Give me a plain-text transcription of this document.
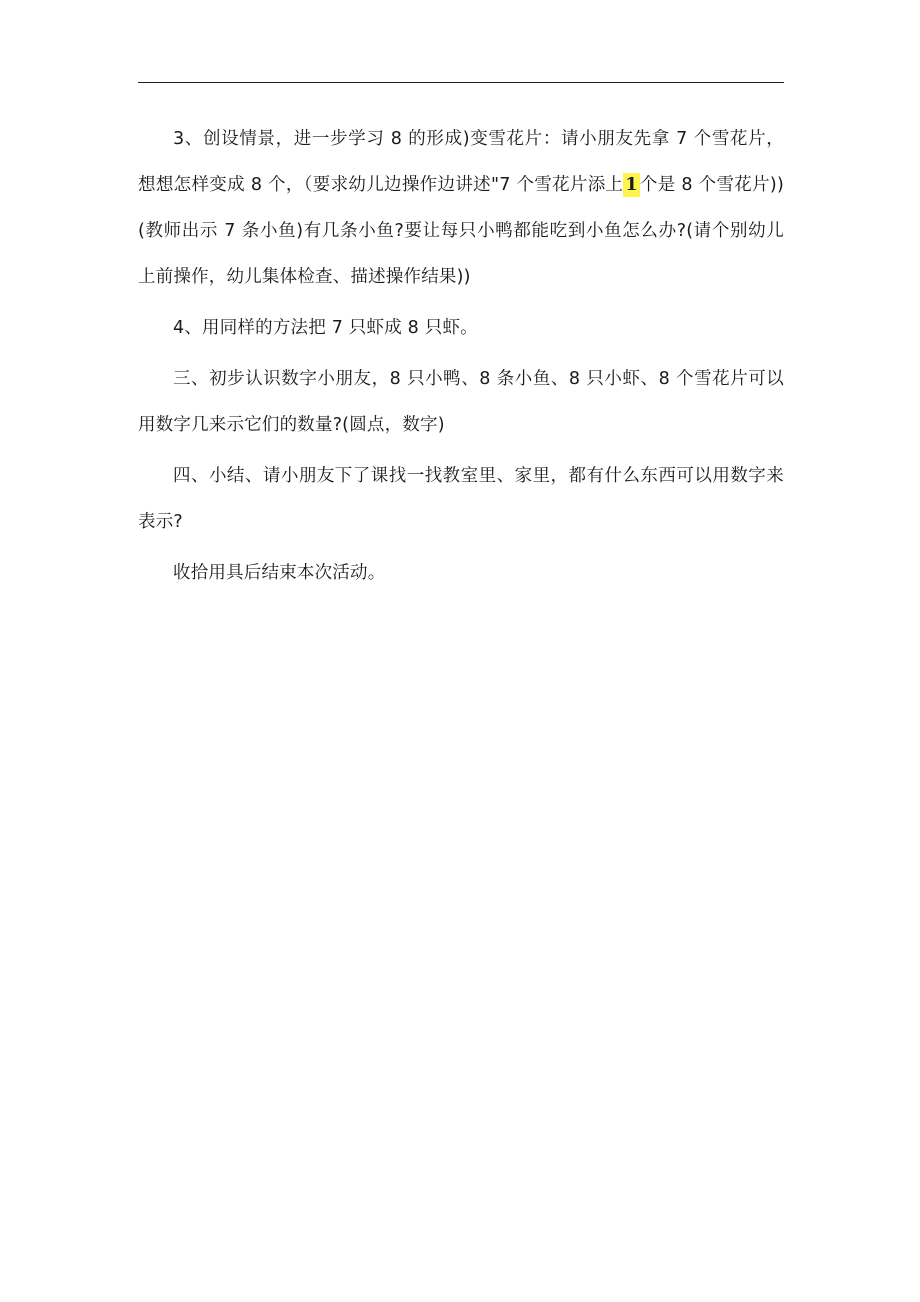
3、创设情景，进一步学习 8 的形成)变雪花片：请小朋友先拿 7 个雪花片，想想怎样变成 8 个，（要求幼儿边操作边讲述"7 个雪花片添上 1 个是 8 个雪花片))(教师出示 7 条小鱼)有几条小鱼?要让每只小鸭都能吃到小鱼怎么办?(请个别幼儿上前操作，幼儿集体检查、描述操作结果))

4、用同样的方法把 7 只虾成 8 只虾。

三、初步认识数字小朋友，8 只小鸭、8 条小鱼、8 只小虾、8 个雪花片可以用数字几来示它们的数量?(圆点，数字)

四、小结、请小朋友下了课找一找教室里、家里，都有什么东西可以用数字来表示?

收拾用具后结束本次活动。
